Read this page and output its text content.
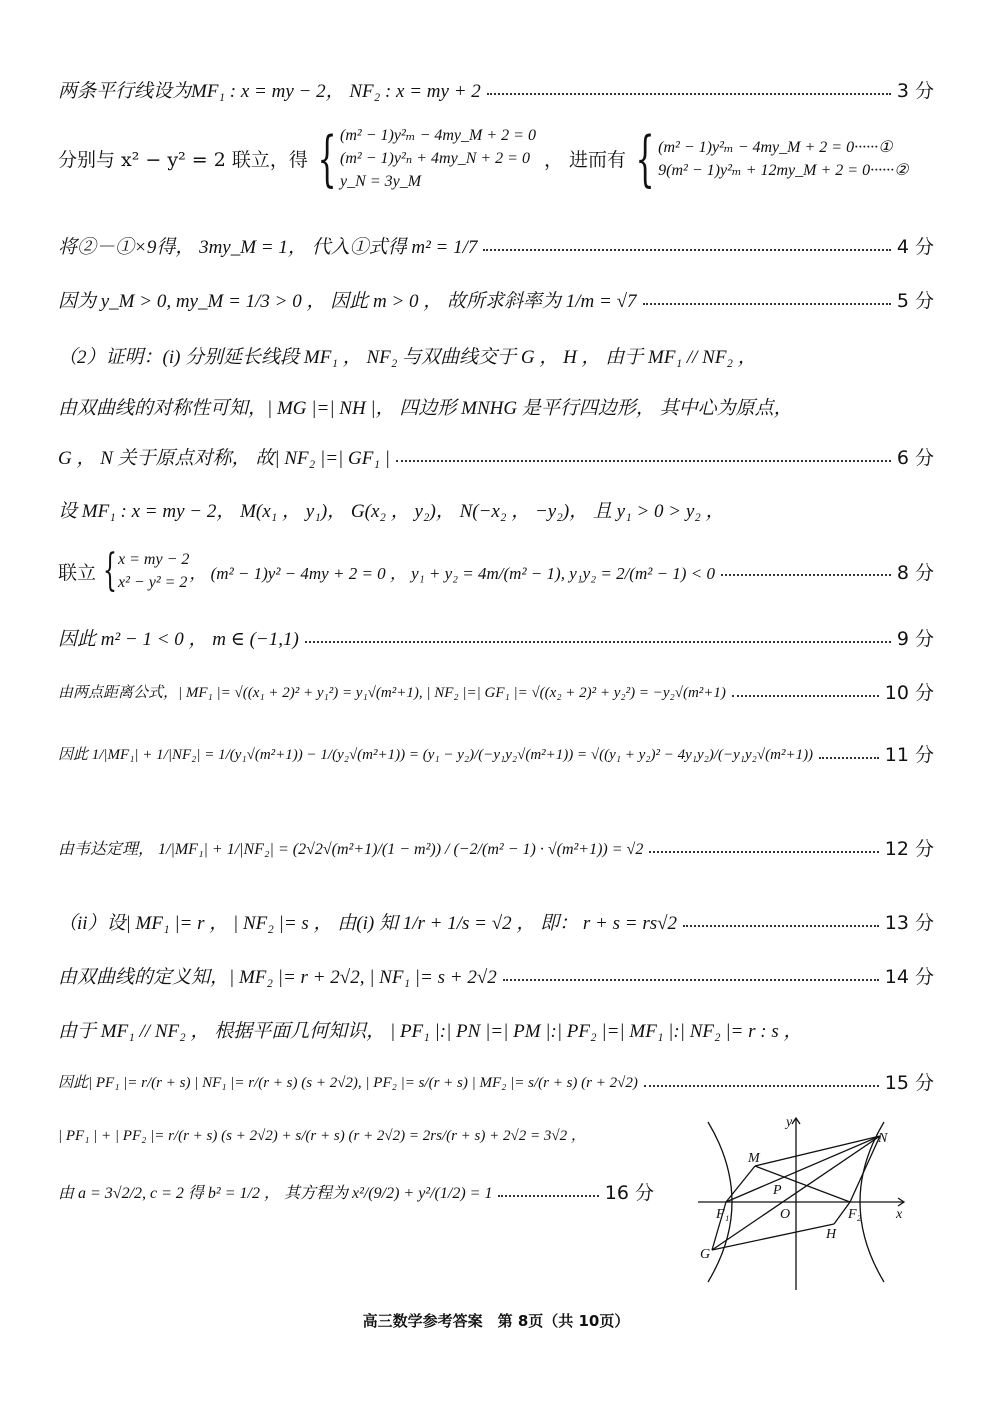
两条平行线设为MF₁ : x = my − 2， NF₂ : x = my + 2	3 分
分别与 x² − y² = 2 联立，得 { (m² − 1)y²ₘ − 4my_M + 2 = 0
(m² − 1)y²ₙ + 4my_N + 2 = 0
y_N = 3y_M
， 进而有 { (m² − 1)y²ₘ − 4my_M + 2 = 0······①
9(m² − 1)y²ₘ + 12my_M + 2 = 0······②
将②－①×9得， 3my_M = 1， 代入①式得 m² = 1/7	4 分
因为 y_M > 0, my_M = 1/3 > 0 ， 因此 m > 0 ， 故所求斜率为 1/m = √7	5 分
（2）证明：(i) 分别延长线段 MF₁ ， NF₂ 与双曲线交于 G ， H ， 由于 MF₁ // NF₂ ，
由双曲线的对称性可知，| MG |=| NH |， 四边形 MNHG 是平行四边形， 其中心为原点，
G ， N 关于原点对称， 故| NF₂ |=| GF₁ |	6 分
设 MF₁ : x = my − 2， M(x₁ ， y₁)， G(x₂ ， y₂)， N(−x₂ ， −y₂)， 且 y₁ > 0 > y₂ ，
联立 { x = my − 2
x² − y² = 2 ， (m² − 1)y² − 4my + 2 = 0 ， y₁ + y₂ = 4m/(m² − 1), y₁y₂ = 2/(m² − 1) < 0	8 分
因此 m² − 1 < 0 ， m ∈ (−1,1)	9 分
由两点距离公式，| MF₁ |= √((x₁ + 2)² + y₁²) = y₁√(m²+1), | NF₂ |=| GF₁ |= √((x₂ + 2)² + y₂²) = −y₂√(m²+1)	10 分
因此 1/|MF₁| + 1/|NF₂| = 1/(y₁√(m²+1)) − 1/(y₂√(m²+1)) = (y₁ − y₂)/(−y₁y₂√(m²+1)) = √((y₁ + y₂)² − 4y₁y₂)/(−y₁y₂√(m²+1))	11 分
由韦达定理， 1/|MF₁| + 1/|NF₂| = (2√2√(m²+1)/(1 − m²)) / (−2/(m² − 1) · √(m²+1)) = √2	12 分
（ii）设| MF₁ |= r ， | NF₂ |= s ， 由(i) 知 1/r + 1/s = √2 ， 即： r + s = rs√2	13 分
由双曲线的定义知，| MF₂ |= r + 2√2, | NF₁ |= s + 2√2	14 分
由于 MF₁ // NF₂ ， 根据平面几何知识， | PF₁ |:| PN |=| PM |:| PF₂ |=| MF₁ |:| NF₂ |= r : s ，
因此| PF₁ |= r/(r + s) | NF₁ |= r/(r + s) (s + 2√2), | PF₂ |= s/(r + s) | MF₂ |= s/(r + s) (r + 2√2)	15 分
| PF₁ | + | PF₂ |= r/(r + s) (s + 2√2) + s/(r + s) (r + 2√2) = 2rs/(r + s) + 2√2 = 3√2 ，
由 a = 3√2/2, c = 2 得 b² = 1/2 ， 其方程为 x²/(9/2) + y²/(1/2) = 1	16 分
y
x
M
N
P
O
F₁	F₂
G
H
高三数学参考答案　第 8页（共 10页）
